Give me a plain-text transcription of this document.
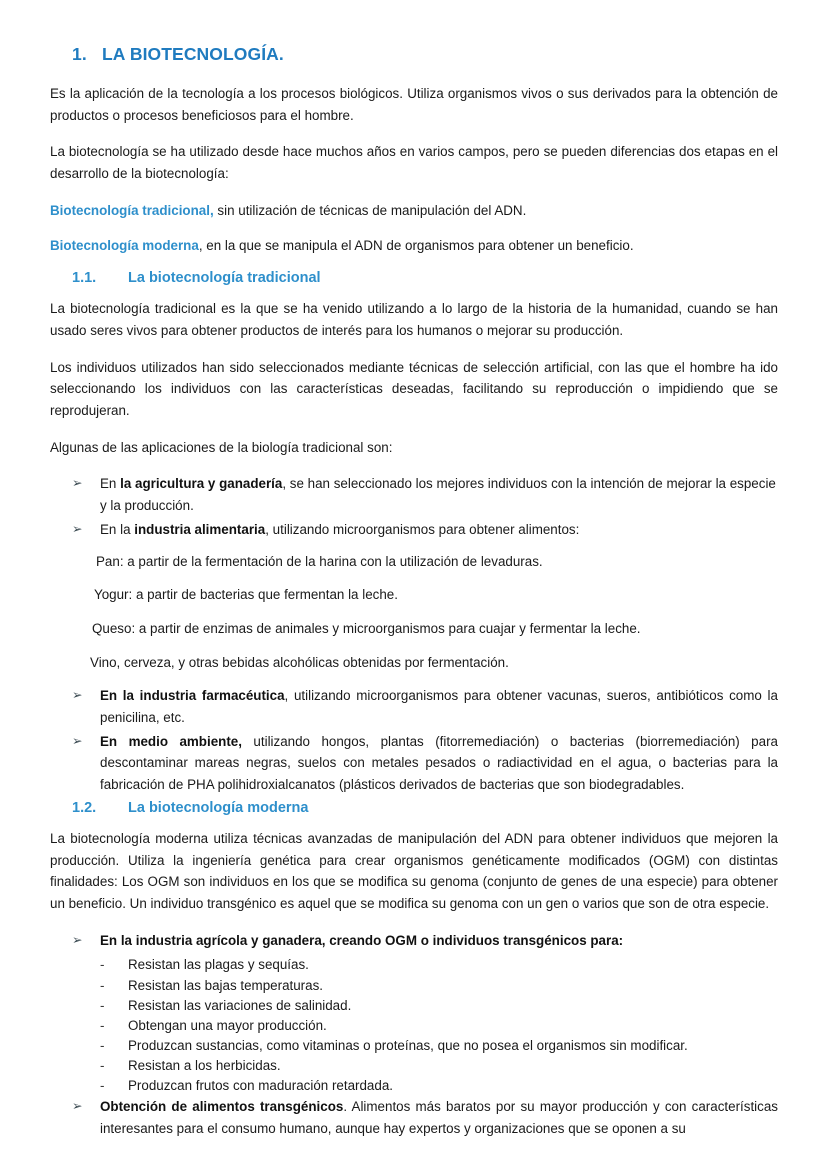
1. LA BIOTECNOLOGÍA.

Es la aplicación de la tecnología a los procesos biológicos. Utiliza organismos vivos o sus derivados para la obtención de productos o procesos beneficiosos para el hombre.

La biotecnología se ha utilizado desde hace muchos años en varios campos, pero se pueden diferencias dos etapas en el desarrollo de la biotecnología:

Biotecnología tradicional, sin utilización de técnicas de manipulación del ADN.

Biotecnología moderna, en la que se manipula el ADN de organismos para obtener un beneficio.

1.1.	La biotecnología tradicional

La biotecnología tradicional es la que se ha venido utilizando a lo largo de la historia de la humanidad, cuando se han usado seres vivos para obtener productos de interés para los humanos o mejorar su producción.

Los individuos utilizados han sido seleccionados mediante técnicas de selección artificial, con las que el hombre ha ido seleccionando los individuos con las características deseadas, facilitando su reproducción o impidiendo que se reprodujeran.

Algunas de las aplicaciones de la biología tradicional son:

➢ En la agricultura y ganadería, se han seleccionado los mejores individuos con la intención de mejorar la especie y la producción.
➢ En la industria alimentaria, utilizando microorganismos para obtener alimentos:
Pan: a partir de la fermentación de la harina con la utilización de levaduras.
Yogur: a partir de bacterias que fermentan la leche.
Queso: a partir de enzimas de animales y microorganismos para cuajar y fermentar la leche.
Vino, cerveza, y otras bebidas alcohólicas obtenidas por fermentación.
➢ En la industria farmacéutica, utilizando microorganismos para obtener vacunas, sueros, antibióticos como la penicilina, etc.
➢ En medio ambiente, utilizando hongos, plantas (fitorremediación) o bacterias (biorremediación) para descontaminar mareas negras, suelos con metales pesados o radiactividad en el agua, o bacterias para la fabricación de PHA polihidroxialcanatos (plásticos derivados de bacterias que son biodegradables.
1.2.	La biotecnología moderna

La biotecnología moderna utiliza técnicas avanzadas de manipulación del ADN para obtener individuos que mejoren la producción. Utiliza la ingeniería genética para crear organismos genéticamente modificados (OGM) con distintas finalidades: Los OGM son individuos en los que se modifica su genoma (conjunto de genes de una especie) para obtener un beneficio. Un individuo transgénico es aquel que se modifica su genoma con un gen o varios que son de otra especie.

➢ En la industria agrícola y ganadera, creando OGM o individuos transgénicos para:
- Resistan las plagas y sequías.
- Resistan las bajas temperaturas.
- Resistan las variaciones de salinidad.
- Obtengan una mayor producción.
- Produzcan sustancias, como vitaminas o proteínas, que no posea el organismos sin modificar.
- Resistan a los herbicidas.
- Produzcan frutos con maduración retardada.
➢ Obtención de alimentos transgénicos. Alimentos más baratos por su mayor producción y con características interesantes para el consumo humano, aunque hay expertos y organizaciones que se oponen a su
